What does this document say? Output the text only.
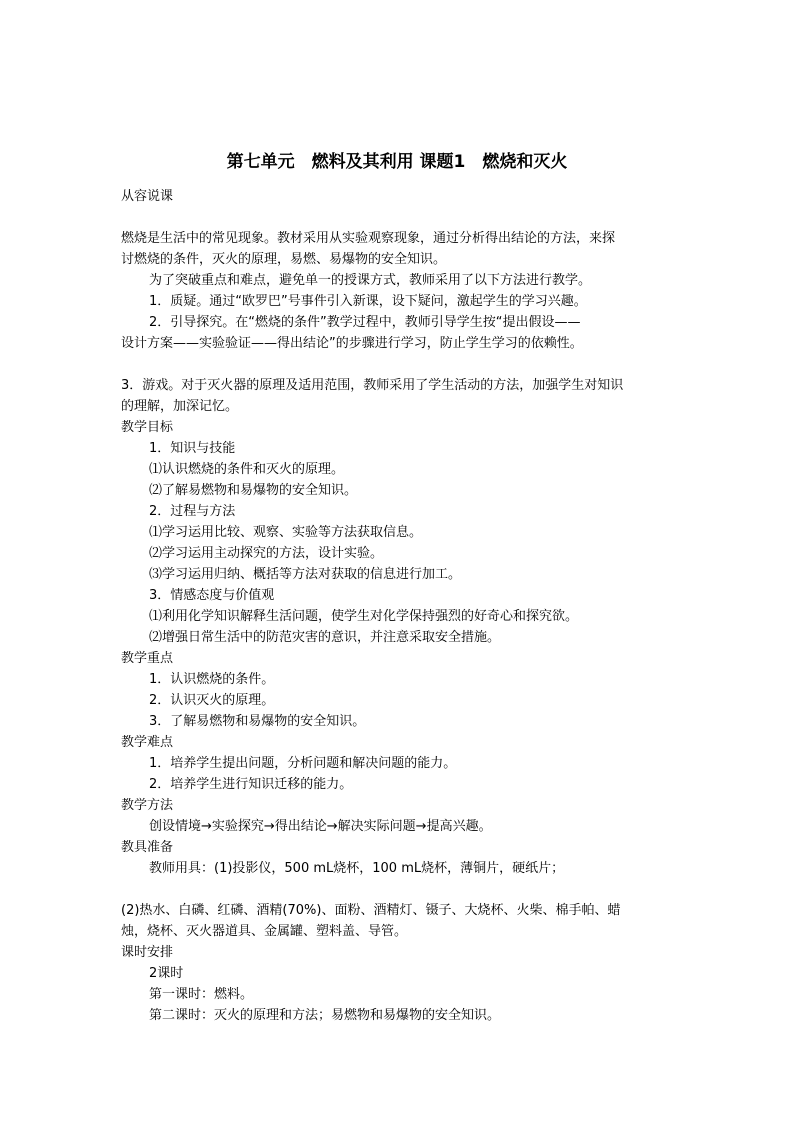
第七单元　燃料及其利用 课题1　燃烧和灭火
从容说课
燃烧是生活中的常见现象。教材采用从实验观察现象，通过分析得出结论的方法，来探
讨燃烧的条件，灭火的原理，易燃、易爆物的安全知识。
为了突破重点和难点，避免单一的授课方式，教师采用了以下方法进行教学。
1．质疑。通过“欧罗巴”号事件引入新课，设下疑问，激起学生的学习兴趣。
2．引导探究。在“燃烧的条件”教学过程中，教师引导学生按“提出假设——
设计方案——实验验证——得出结论”的步骤进行学习，防止学生学习的依赖性。
3．游戏。对于灭火器的原理及适用范围，教师采用了学生活动的方法，加强学生对知识
的理解，加深记忆。
教学目标
1．知识与技能
⑴认识燃烧的条件和灭火的原理。
⑵了解易燃物和易爆物的安全知识。
2．过程与方法
⑴学习运用比较、观察、实验等方法获取信息。
⑵学习运用主动探究的方法，设计实验。
⑶学习运用归纳、概括等方法对获取的信息进行加工。
3．情感态度与价值观
⑴利用化学知识解释生活问题，使学生对化学保持强烈的好奇心和探究欲。
⑵增强日常生活中的防范灾害的意识，并注意采取安全措施。
教学重点
1．认识燃烧的条件。
2．认识灭火的原理。
3．了解易燃物和易爆物的安全知识。
教学难点
1．培养学生提出问题，分析问题和解决问题的能力。
2．培养学生进行知识迁移的能力。
教学方法
创设情境→实验探究→得出结论→解决实际问题→提高兴趣。
教具准备
教师用具：(1)投影仪，500 mL烧杯，100 mL烧杯，薄铜片，硬纸片；
(2)热水、白磷、红磷、酒精(70%)、面粉、酒精灯、镊子、大烧杯、火柴、棉手帕、蜡
烛，烧杯、灭火器道具、金属罐、塑料盖、导管。
课时安排
2课时
第一课时：燃料。
第二课时：灭火的原理和方法；易燃物和易爆物的安全知识。
